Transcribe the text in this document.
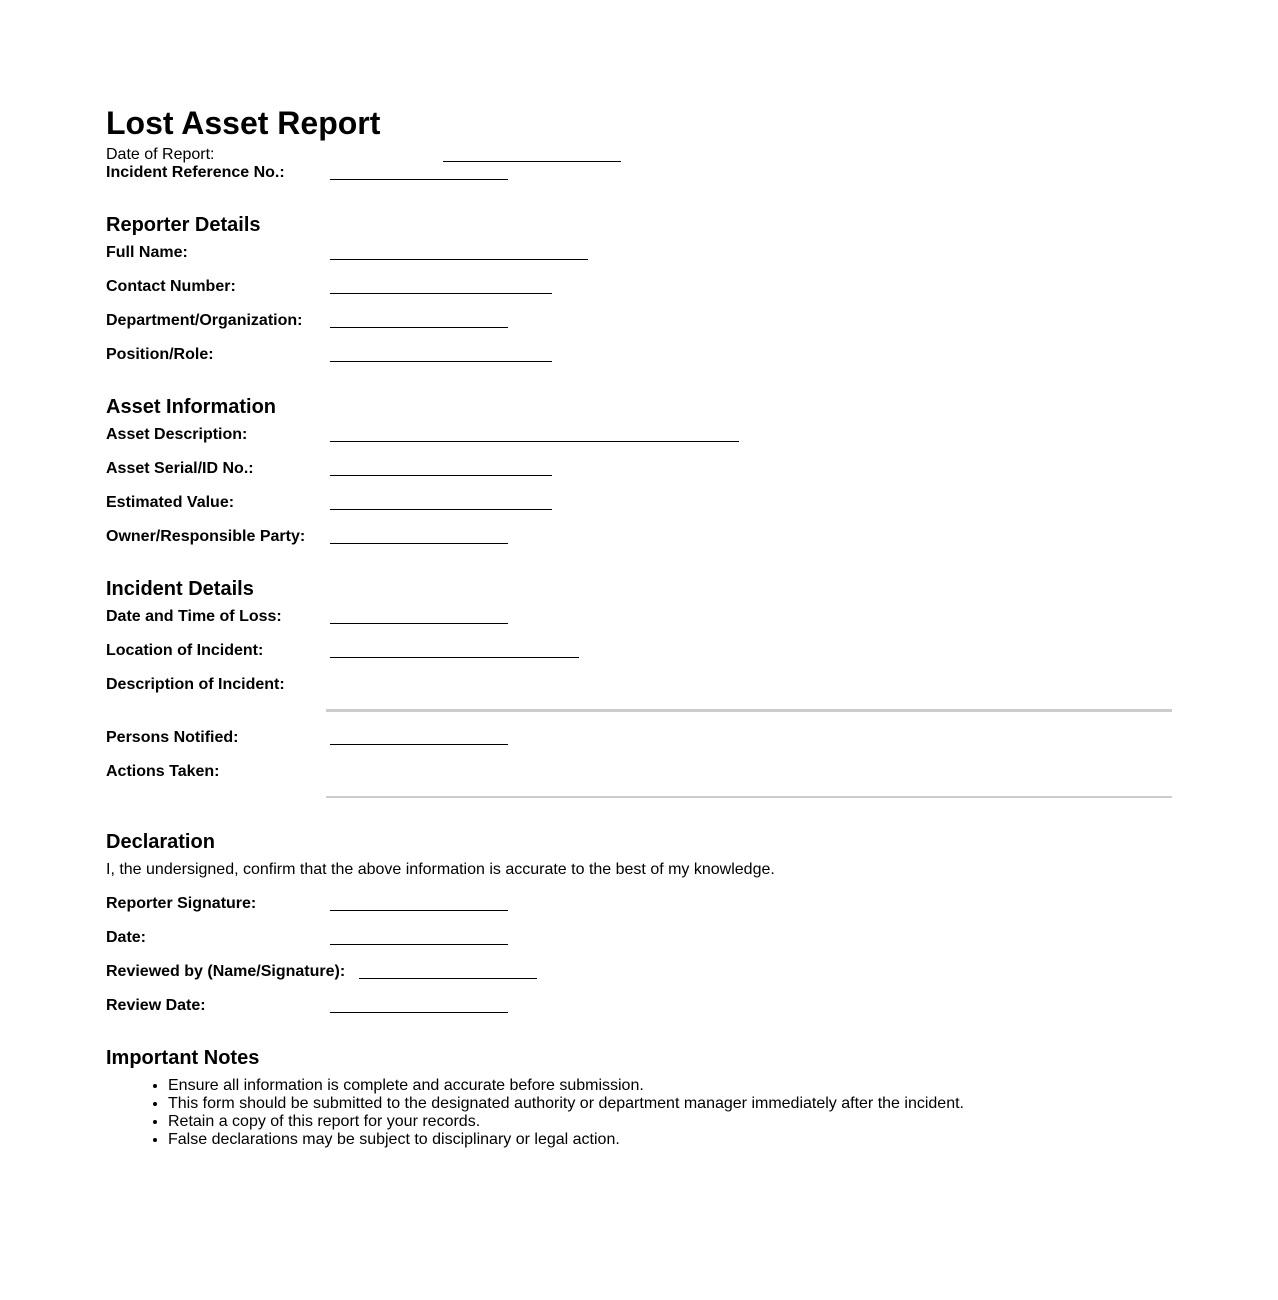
Lost Asset Report
Date of Report:
Incident Reference No.:
Reporter Details
Full Name:
Contact Number:
Department/Organization:
Position/Role:
Asset Information
Asset Description:
Asset Serial/ID No.:
Estimated Value:
Owner/Responsible Party:
Incident Details
Date and Time of Loss:
Location of Incident:
Description of Incident:
Persons Notified:
Actions Taken:
Declaration
I, the undersigned, confirm that the above information is accurate to the best of my knowledge.
Reporter Signature:
Date:
Reviewed by (Name/Signature):
Review Date:
Important Notes
• Ensure all information is complete and accurate before submission.
• This form should be submitted to the designated authority or department manager immediately after the incident.
• Retain a copy of this report for your records.
• False declarations may be subject to disciplinary or legal action.
